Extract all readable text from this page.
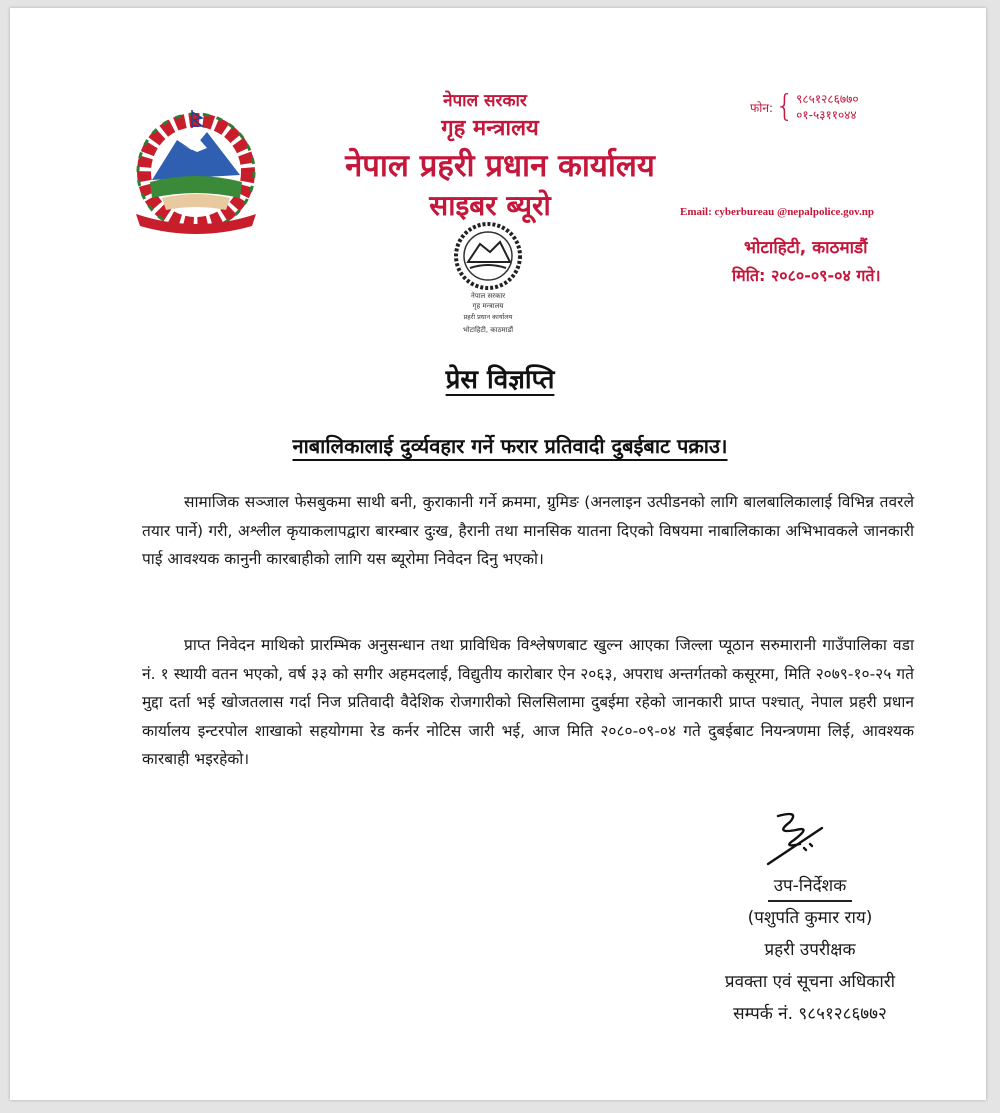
नेपाल सरकार
गृह मन्त्रालय
नेपाल प्रहरी प्रधान कार्यालय
साइबर ब्यूरो
फोन: { ९८५१२८६७७०
०१-५३११०४४
Email: cyberbureau @nepalpolice.gov.np
भोटाहिटी, काठमाडौं
मिति: २०८०-०९-०४ गते।
नेपाल सरकार
गृह मन्त्रालय
प्रहरी प्रधान कार्यालय
भोटाहिटी, काठमाडौं
प्रेस विज्ञप्ति
नाबालिकालाई दुर्व्यवहार गर्ने फरार प्रतिवादी दुबईबाट पक्राउ।
सामाजिक सञ्जाल फेसबुकमा साथी बनी, कुराकानी गर्ने क्रममा, ग्रुमिङ (अनलाइन उत्पीडनको लागि बालबालिकालाई विभिन्न तवरले तयार पार्ने) गरी, अश्लील कृयाकलापद्वारा बारम्बार दुःख, हैरानी तथा मानसिक यातना दिएको विषयमा नाबालिकाका अभिभावकले जानकारी पाई आवश्यक कानुनी कारबाहीको लागि यस ब्यूरोमा निवेदन दिनु भएको।
प्राप्त निवेदन माथिको प्रारम्भिक अनुसन्धान तथा प्राविधिक विश्लेषणबाट खुल्न आएका जिल्ला प्यूठान सरुमारानी गाउँपालिका वडा नं. १ स्थायी वतन भएको, वर्ष ३३ को सगीर अहमदलाई, विद्युतीय कारोबार ऐन २०६३, अपराध अन्तर्गतको कसूरमा, मिति २०७९-१०-२५ गते मुद्दा दर्ता भई खोजतलास गर्दा निज प्रतिवादी वैदेशिक रोजगारीको सिलसिलामा दुबईमा रहेको जानकारी प्राप्त पश्चात्, नेपाल प्रहरी प्रधान कार्यालय इन्टरपोल शाखाको सहयोगमा रेड कर्नर नोटिस जारी भई, आज मिति २०८०-०९-०४ गते दुबईबाट नियन्त्रणमा लिई, आवश्यक कारबाही भइरहेको।
उप-निर्देशक
(पशुपति कुमार राय)
प्रहरी उपरीक्षक
प्रवक्ता एवं सूचना अधिकारी
सम्पर्क नं. ९८५१२८६७७२
